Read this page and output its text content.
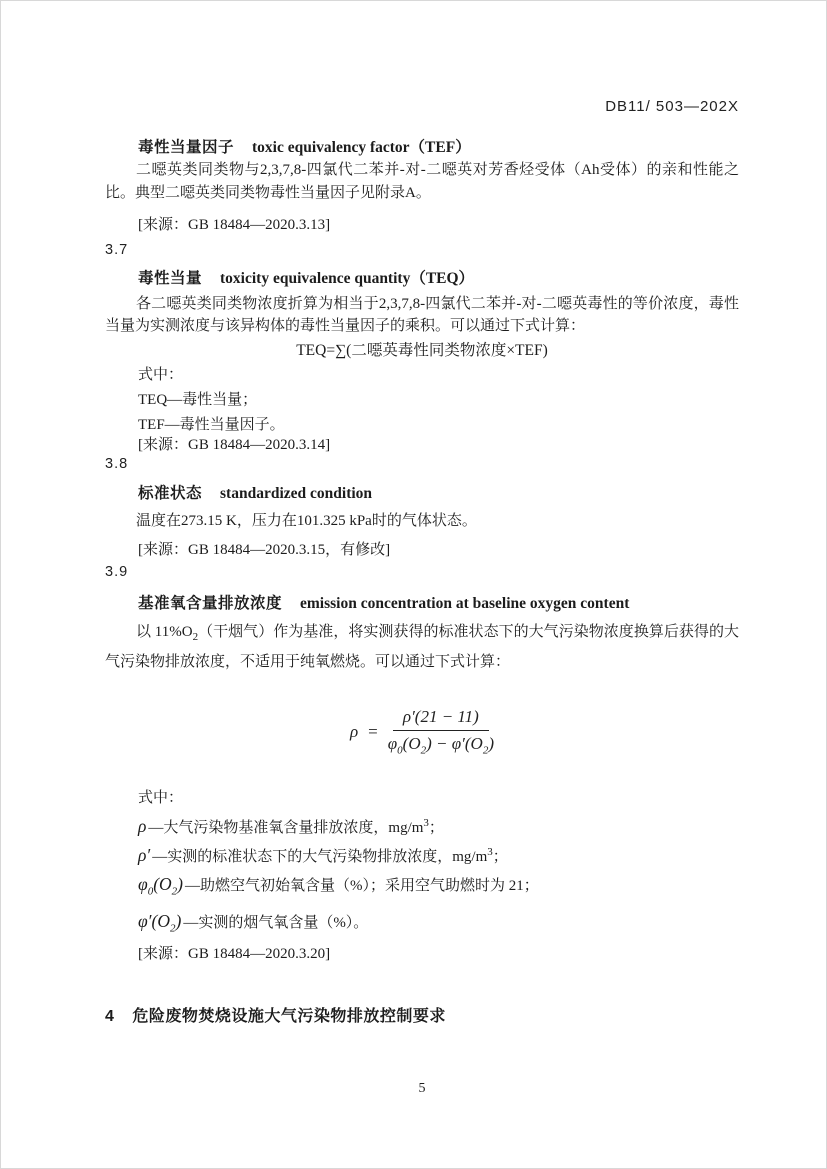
DB11/ 503—202X
毒性当量因子 toxic equivalency factor（TEF）

二噁英类同类物与2,3,7,8-四氯代二苯并-对-二噁英对芳香烃受体（Ah受体）的亲和性能之比。典型二噁英类同类物毒性当量因子见附录A。

[来源：GB 18484—2020.3.13]
3.7
毒性当量 toxicity equivalence quantity（TEQ）

各二噁英类同类物浓度折算为相当于2,3,7,8-四氯代二苯并-对-二噁英毒性的等价浓度，毒性当量为实测浓度与该异构体的毒性当量因子的乘积。可以通过下式计算：

TEQ=∑(二噁英毒性同类物浓度×TEF)
式中：
TEQ—毒性当量；
TEF—毒性当量因子。
[来源：GB 18484—2020.3.14]
3.8
标准状态 standardized condition

温度在273.15 K，压力在101.325 kPa时的气体状态。

[来源：GB 18484—2020.3.15，有修改]
3.9
基准氧含量排放浓度 emission concentration at baseline oxygen content

以 $11\%O_2$（干烟气）作为基准，将实测获得的标准状态下的大气污染物浓度换算后获得的大气污染物排放浓度，不适用于纯氧燃烧。可以通过下式计算：

$\rho = \frac{\rho'(21 - 11)}{\varphi_0(O_2) - \varphi'(O_2)}$
式中：
ρ —大气污染物基准氧含量排放浓度，$mg/m^3$；
ρ′ —实测的标准状态下的大气污染物排放浓度，$mg/m^3$；
$\varphi_0(O_2)$ —助燃空气初始氧含量（%）；采用空气助燃时为 21；
$\varphi'(O_2)$ —实测的烟气氧含量（%）。
[来源：GB 18484—2020.3.20]
4 危险废物焚烧设施大气污染物排放控制要求
5
